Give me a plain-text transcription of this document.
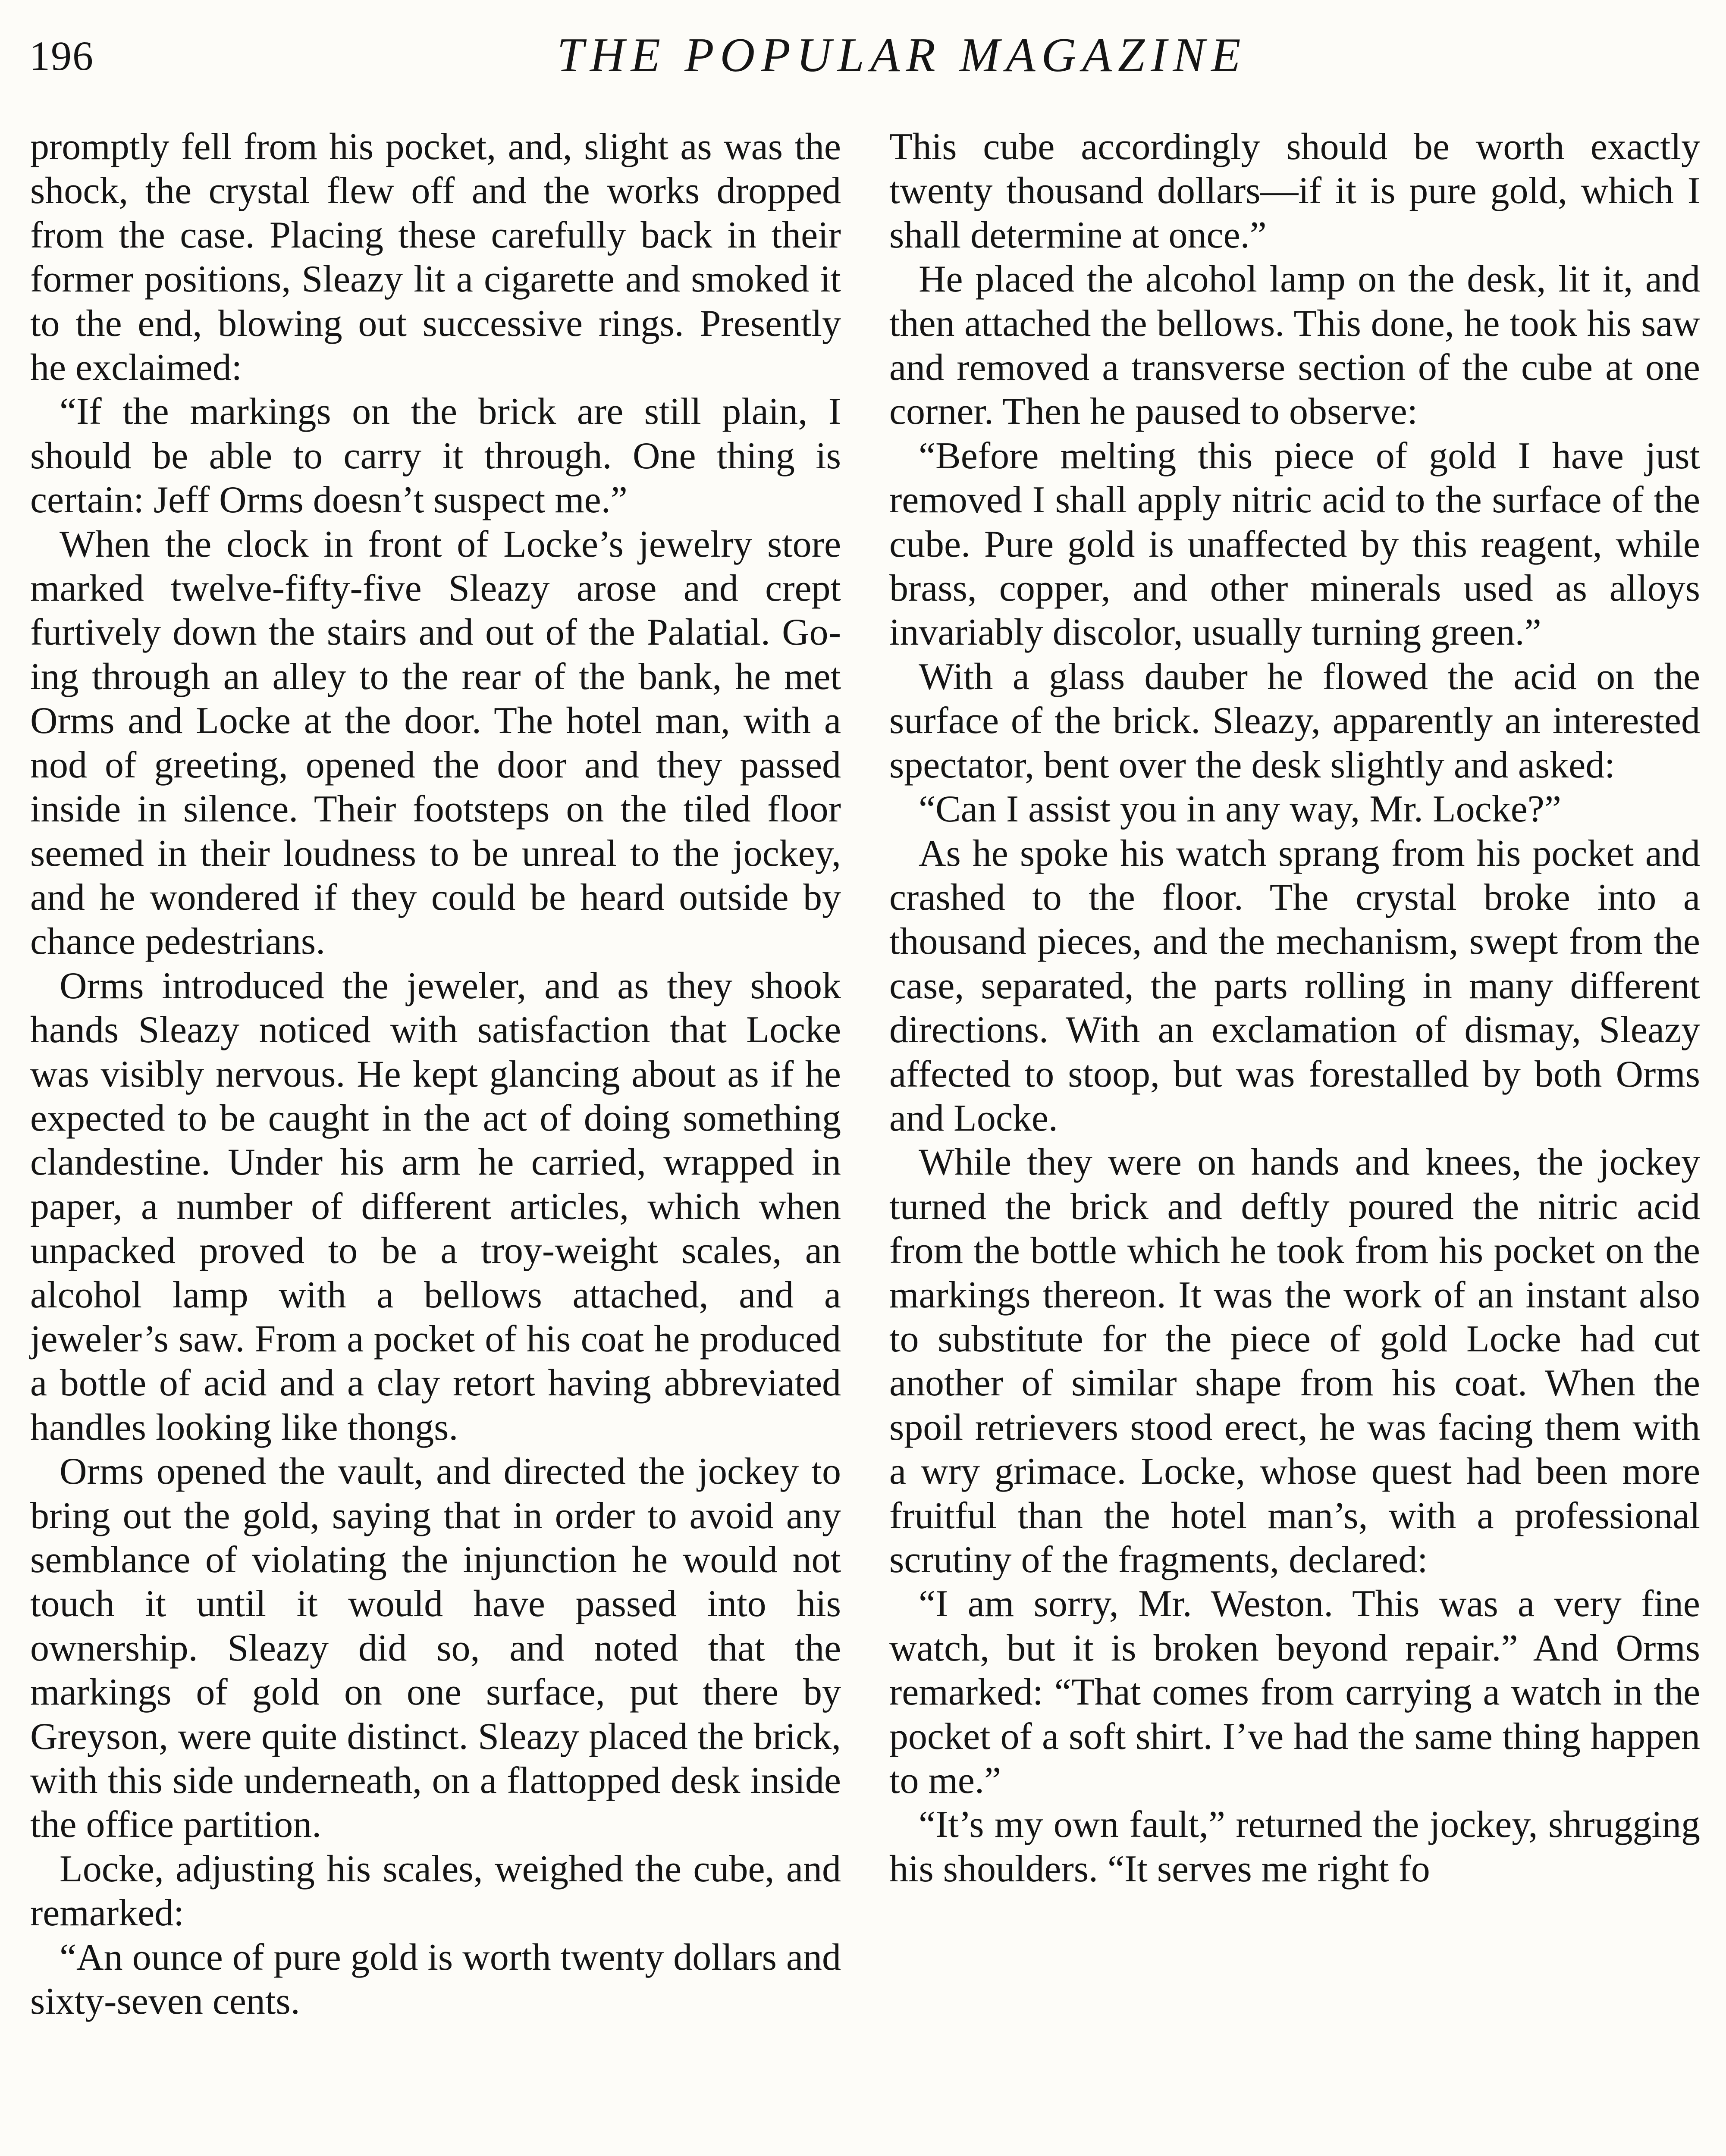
196	THE POPULAR MAGAZINE

promptly fell from his pocket, and, slight as was the shock, the crystal flew off and the works dropped from the case. Placing these carefully back in their former positions, Sleazy lit a cigarette and smoked it to the end, blowing out successive rings. Presently he exclaimed:

“If the markings on the brick are still plain, I should be able to carry it through. One thing is certain: Jeff Orms doesn’t suspect me.”

When the clock in front of Locke’s jewelry store marked twelve-fifty-five Sleazy arose and crept furtively down the stairs and out of the Palatial. Going through an alley to the rear of the bank, he met Orms and Locke at the door. The hotel man, with a nod of greeting, opened the door and they passed inside in silence. Their footsteps on the tiled floor seemed in their loudness to be unreal to the jockey, and he wondered if they could be heard outside by chance pedestrians.

Orms introduced the jeweler, and as they shook hands Sleazy noticed with satisfaction that Locke was visibly nervous. He kept glancing about as if he expected to be caught in the act of doing something clandestine. Under his arm he carried, wrapped in paper, a number of different articles, which when unpacked proved to be a troy-weight scales, an alcohol lamp with a bellows attached, and a jeweler’s saw. From a pocket of his coat he produced a bottle of acid and a clay retort having abbreviated handles looking like thongs.

Orms opened the vault, and directed the jockey to bring out the gold, saying that in order to avoid any semblance of violating the injunction he would not touch it until it would have passed into his ownership. Sleazy did so, and noted that the markings of gold on one surface, put there by Greyson, were quite distinct. Sleazy placed the brick, with this side underneath, on a flattopped desk inside the office partition.

Locke, adjusting his scales, weighed the cube, and remarked:

“An ounce of pure gold is worth twenty dollars and sixty-seven cents.

This cube accordingly should be worth exactly twenty thousand dollars—if it is pure gold, which I shall determine at once.”

He placed the alcohol lamp on the desk, lit it, and then attached the bellows. This done, he took his saw and removed a transverse section of the cube at one corner. Then he paused to observe:

“Before melting this piece of gold I have just removed I shall apply nitric acid to the surface of the cube. Pure gold is unaffected by this reagent, while brass, copper, and other minerals used as alloys invariably discolor, usually turning green.”

With a glass dauber he flowed the acid on the surface of the brick. Sleazy, apparently an interested spectator, bent over the desk slightly and asked:

“Can I assist you in any way, Mr. Locke?”

As he spoke his watch sprang from his pocket and crashed to the floor. The crystal broke into a thousand pieces, and the mechanism, swept from the case, separated, the parts rolling in many different directions. With an exclamation of dismay, Sleazy affected to stoop, but was forestalled by both Orms and Locke.

While they were on hands and knees, the jockey turned the brick and deftly poured the nitric acid from the bottle which he took from his pocket on the markings thereon. It was the work of an instant also to substitute for the piece of gold Locke had cut another of similar shape from his coat. When the spoil retrievers stood erect, he was facing them with a wry grimace. Locke, whose quest had been more fruitful than the hotel man’s, with a professional scrutiny of the fragments, declared:

“I am sorry, Mr. Weston. This was a very fine watch, but it is broken beyond repair.” And Orms remarked: “That comes from carrying a watch in the pocket of a soft shirt. I’ve had the same thing happen to me.”

“It’s my own fault,” returned the jockey, shrugging his shoulders. “It serves me right fo
